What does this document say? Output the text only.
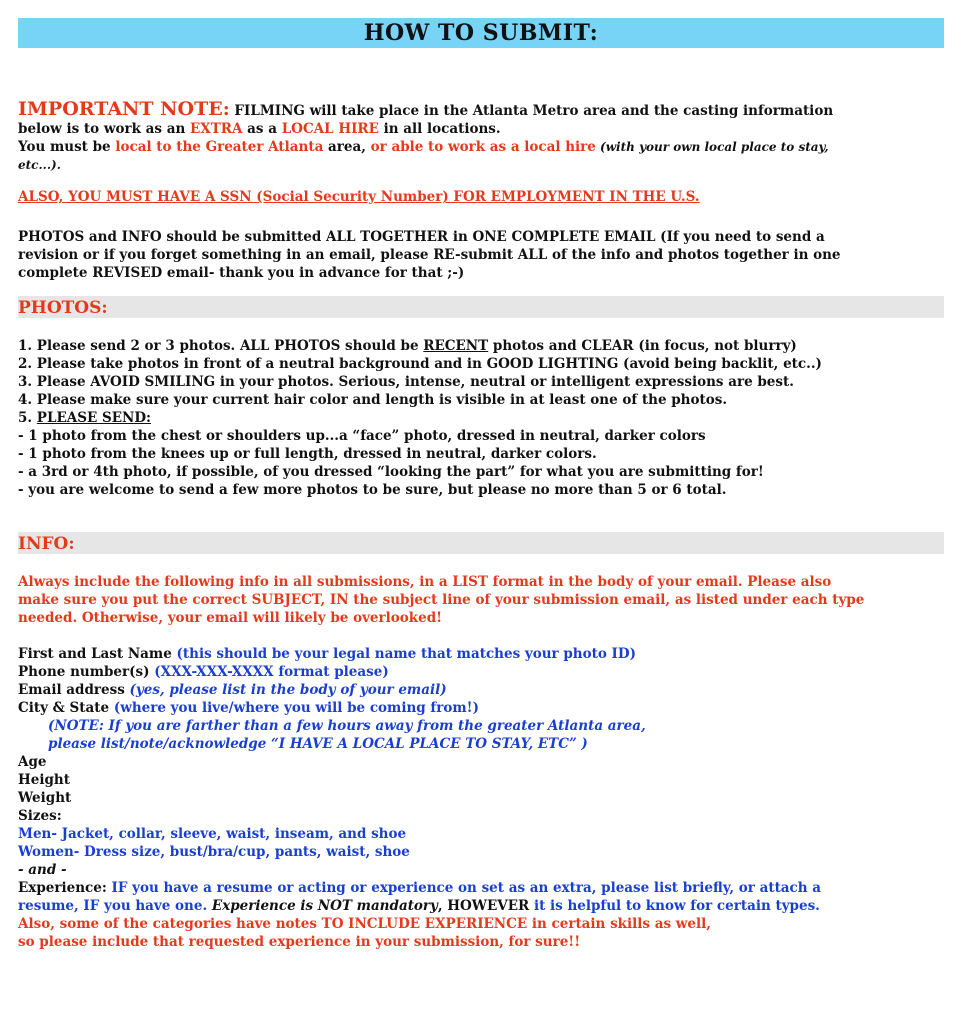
HOW TO SUBMIT:

IMPORTANT NOTE: FILMING will take place in the Atlanta Metro area and the casting information

below is to work as an EXTRA as a LOCAL HIRE in all locations.

You must be local to the Greater Atlanta area, or able to work as a local hire (with your own local place to stay,

etc...).

ALSO, YOU MUST HAVE A SSN (Social Security Number) FOR EMPLOYMENT IN THE U.S.

PHOTOS and INFO should be submitted ALL TOGETHER in ONE COMPLETE EMAIL (If you need to send a

revision or if you forget something in an email, please RE-submit ALL of the info and photos together in one

complete REVISED email- thank you in advance for that ;-)

PHOTOS:

1. Please send 2 or 3 photos. ALL PHOTOS should be RECENT photos and CLEAR (in focus, not blurry)

2. Please take photos in front of a neutral background and in GOOD LIGHTING (avoid being backlit, etc..)

3. Please AVOID SMILING in your photos. Serious, intense, neutral or intelligent expressions are best.

4. Please make sure your current hair color and length is visible in at least one of the photos.

5. PLEASE SEND:

- 1 photo from the chest or shoulders up...a “face” photo, dressed in neutral, darker colors

- 1 photo from the knees up or full length, dressed in neutral, darker colors.

- a 3rd or 4th photo, if possible, of you dressed “looking the part” for what you are submitting for!

- you are welcome to send a few more photos to be sure, but please no more than 5 or 6 total.

INFO:

Always include the following info in all submissions, in a LIST format in the body of your email. Please also

make sure you put the correct SUBJECT, IN the subject line of your submission email, as listed under each type

needed. Otherwise, your email will likely be overlooked!

First and Last Name (this should be your legal name that matches your photo ID)

Phone number(s) (XXX-XXX-XXXX format please)

Email address (yes, please list in the body of your email)

City & State (where you live/where you will be coming from!)

(NOTE: If you are farther than a few hours away from the greater Atlanta area,

please list/note/acknowledge “I HAVE A LOCAL PLACE TO STAY, ETC” )

Age

Height

Weight

Sizes:

Men- Jacket, collar, sleeve, waist, inseam, and shoe

Women- Dress size, bust/bra/cup, pants, waist, shoe

- and -

Experience: IF you have a resume or acting or experience on set as an extra, please list briefly, or attach a

resume, IF you have one. Experience is NOT mandatory, HOWEVER it is helpful to know for certain types.

Also, some of the categories have notes TO INCLUDE EXPERIENCE in certain skills as well,

so please include that requested experience in your submission, for sure!!
